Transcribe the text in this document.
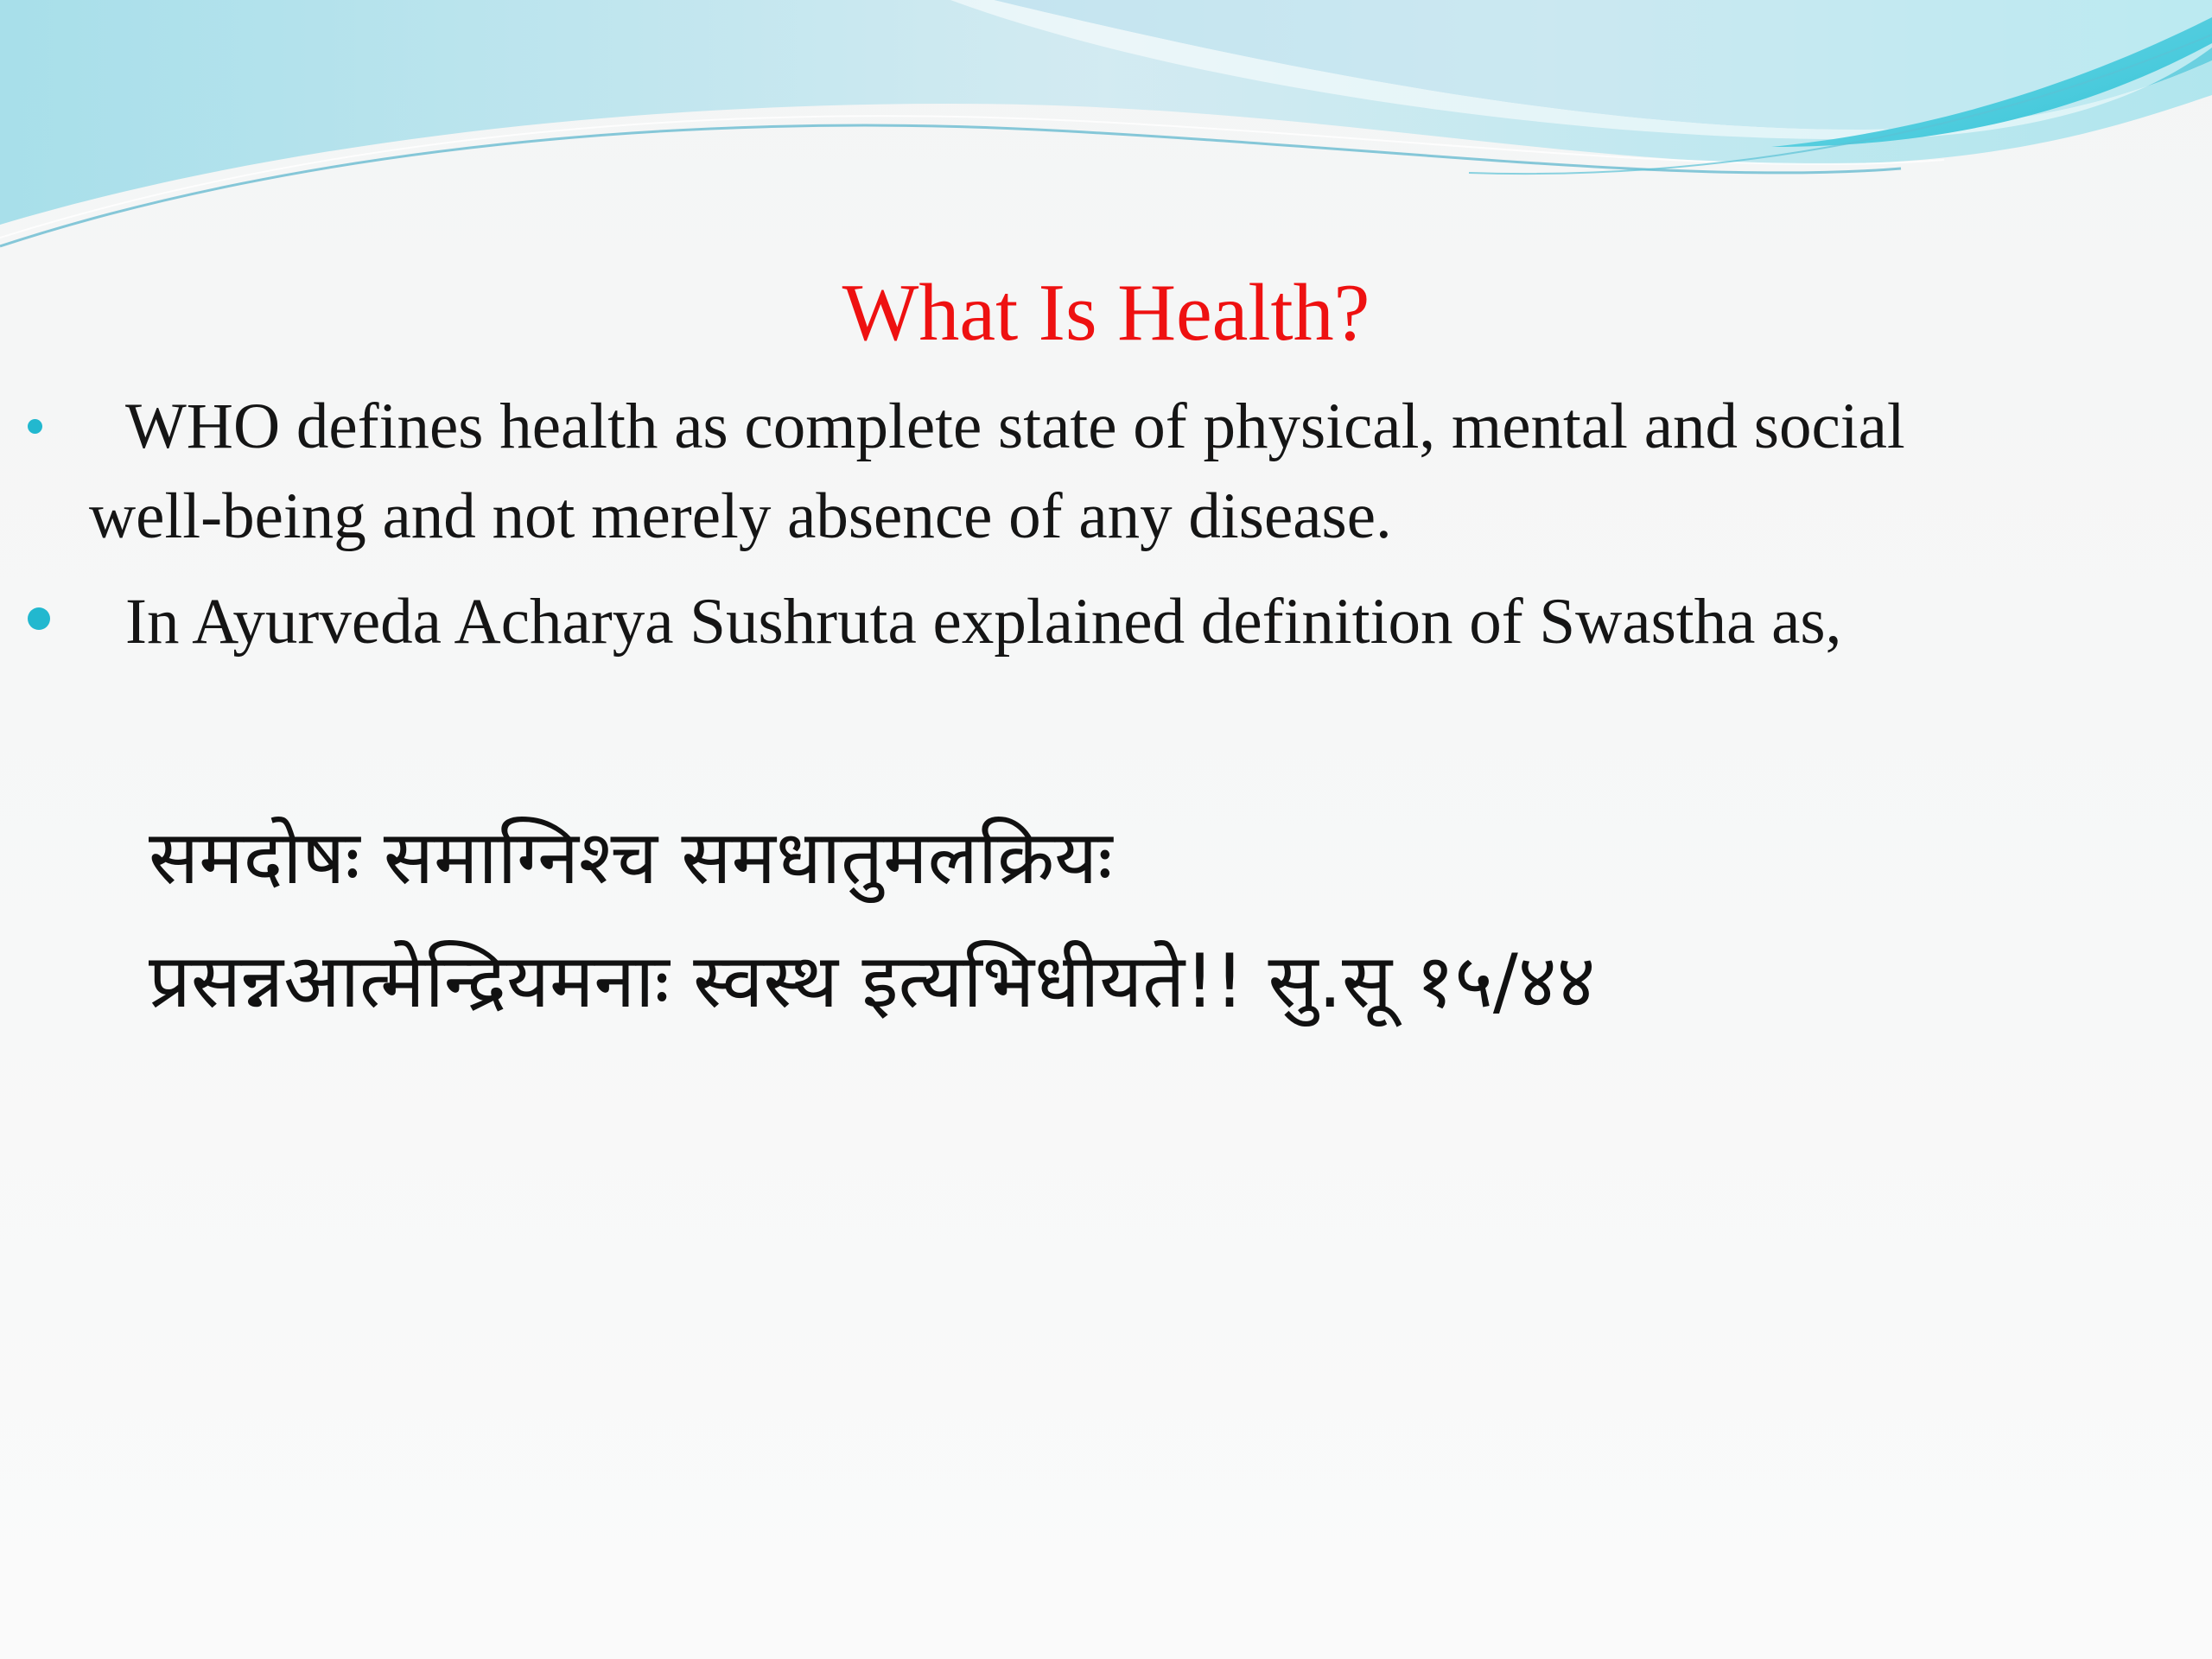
What Is Health?
WHO defines health as complete state of physical, mental and social
well-being and not merely absence of any disease.
In Ayurveda Acharya Sushruta explained definition of Swastha as,
समदोषः समाग्निश्च समधातुमलक्रियः
प्रसन्नआत्मेन्द्रियमनाः स्वस्थ इत्यभिधीयते!! सु.सू १५/४४
